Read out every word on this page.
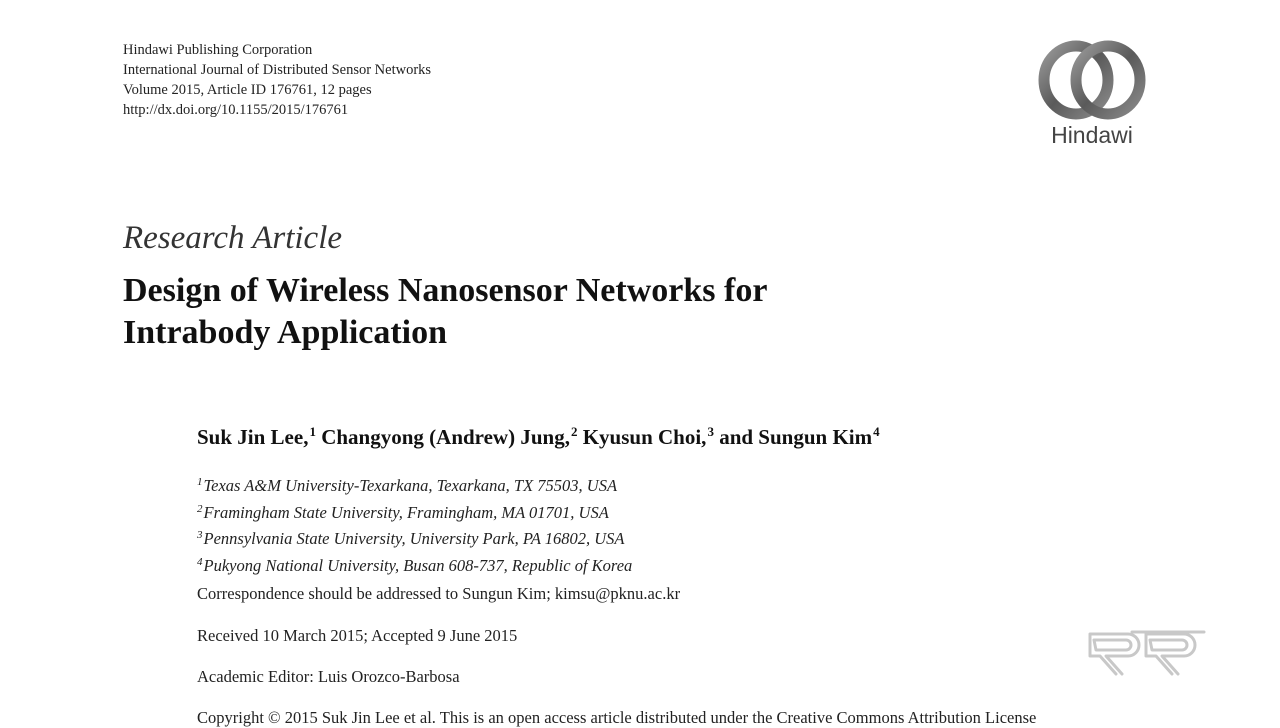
Hindawi Publishing Corporation
International Journal of Distributed Sensor Networks
Volume 2015, Article ID 176761, 12 pages
http://dx.doi.org/10.1155/2015/176761
Hindawi
Research Article
Design of Wireless Nanosensor Networks for
Intrabody Application
Suk Jin Lee,$^1$ Changyong (Andrew) Jung,$^2$ Kyusun Choi,$^3$ and Sungun Kim$^4$
$^1$Texas A&M University-Texarkana, Texarkana, TX 75503, USA
$^2$Framingham State University, Framingham, MA 01701, USA
$^3$Pennsylvania State University, University Park, PA 16802, USA
$^4$Pukyong National University, Busan 608-737, Republic of Korea
Correspondence should be addressed to Sungun Kim; kimsu@pknu.ac.kr
Received 10 March 2015; Accepted 9 June 2015
Academic Editor: Luis Orozco-Barbosa
Copyright © 2015 Suk Jin Lee et al. This is an open access article distributed under the Creative Commons Attribution License
